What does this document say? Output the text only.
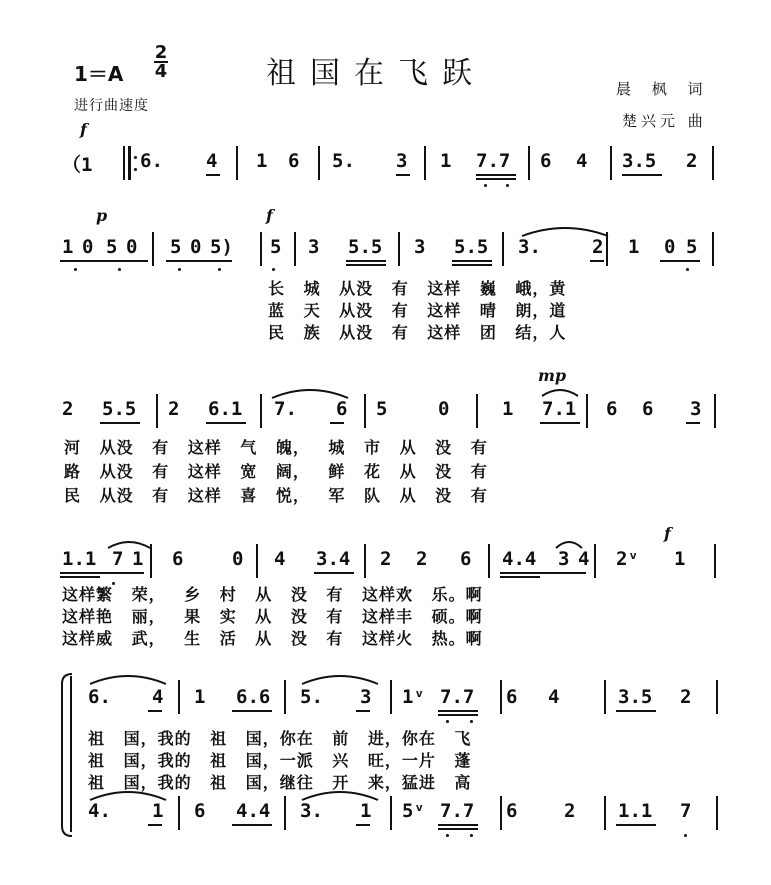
1＝A
2
4	祖国在飞跃
进行曲速度
晨 枫 词
楚兴元 曲
f
p	f
mp
f
（1	6. 4 1 6 5. 3 1 7.7 6 4 3.5 2
1 0 5 0 5 0 5) 5 3 5.5 3 5.5 3.	2 1 0 5
长 城 从没 有 这样 巍 峨，黄
蓝 天 从没 有 这样 晴 朗，道
民 族 从没 有 这样 团 结，人
2 5.5 2 6.1 7. 6 5	0	1 7.1 6 6 3
河 从没 有 这样 气 魄， 城 市 从 没 有
路 从没 有 这样 宽 阔， 鲜 花 从 没 有
民 从没 有 这样 喜 悦， 军 队 从 没 有
1.1 7 1 6	0 4 3.4 2 2 6 4.4 3 4 2ᵛ 1
这样繁 荣， 乡 村 从 没 有 这样欢 乐。啊
这样艳 丽， 果 实 从 没 有 这样丰 硕。啊
这样威 武， 生 活 从 没 有 这样火 热。啊
6. 4 1 6.6 5. 3 1ᵛ 7.7 6 4	3.5 2
祖 国，我的 祖 国，你在 前 进，你在 飞
祖 国，我的 祖 国，一派 兴 旺，一片 蓬
祖 国，我的 祖 国，继往 开 来，猛进 高
4. 1 6 4.4 3. 1 5ᵛ 7.7 6 2 1.1 7
